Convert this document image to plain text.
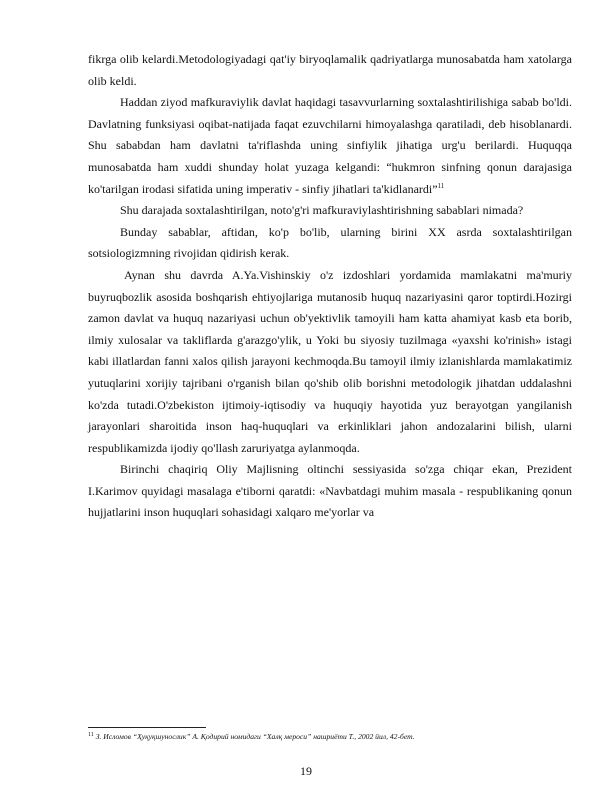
fikrga olib kelardi.Metodologiyadagi qat'iy biryoqlamalik qadriyatlarga munosabatda ham xatolarga olib keldi.

Haddan ziyod mafkuraviylik davlat haqidagi tasavvurlarning soxtalashtirilishiga sabab bo'ldi. Davlatning funksiyasi oqibat-natijada faqat ezuvchilarni himoyalashga qaratiladi, deb hisoblanardi. Shu sababdan ham davlatni ta'riflashda uning sinfiylik jihatiga urg'u berilardi. Huquqqa munosabatda ham xuddi shunday holat yuzaga kelgandi: “hukmron sinfning qonun darajasiga ko'tarilgan irodasi sifatida uning imperativ - sinfiy jihatlari ta'kidlanardi”$^{11}$

Shu darajada soxtalashtirilgan, noto'g'ri mafkuraviylashtirishning sabablari nimada?

Bunday sabablar, aftidan, ko'p bo'lib, ularning birini XX asrda soxtalashtirilgan sotsiologizmning rivojidan qidirish kerak.

Aynan shu davrda A.Ya.Vishinskiy o'z izdoshlari yordamida mamlakatni ma'muriy buyruqbozlik asosida boshqarish ehtiyojlariga mutanosib huquq nazariyasini qaror toptirdi.Hozirgi zamon davlat va huquq nazariyasi uchun ob'yektivlik tamoyili ham katta ahamiyat kasb eta borib, ilmiy xulosalar va takliflarda g'arazgo'ylik, u Yoki bu siyosiy tuzilmaga «yaxshi ko'rinish» istagi kabi illatlardan fanni xalos qilish jarayoni kechmoqda.Bu tamoyil ilmiy izlanishlarda mamlakatimiz yutuqlarini xorijiy tajribani o'rganish bilan qo'shib olib borishni metodologik jihatdan uddalashni ko'zda tutadi.O'zbekiston ijtimoiy-iqtisodiy va huquqiy hayotida yuz berayotgan yangilanish jarayonlari sharoitida inson haq-huquqlari va erkinliklari jahon andozalarini bilish, ularni respublikamizda ijodiy qo'llash zaruriyatga aylanmoqda.

Birinchi chaqiriq Oliy Majlisning oltinchi sessiyasida so'zga chiqar ekan, Prezident I.Karimov quyidagi masalaga e'tiborni qaratdi: «Navbatdagi muhim masala - respublikaning qonun hujjatlarini inson huquqlari sohasidagi xalqaro me'yorlar va

$^{11}$ З. Исломов “Ҳуқуқшунослик” А. Қодирий номидаги “Халқ мероси” нашриёти Т., 2002 йил, 42-бет.
19
